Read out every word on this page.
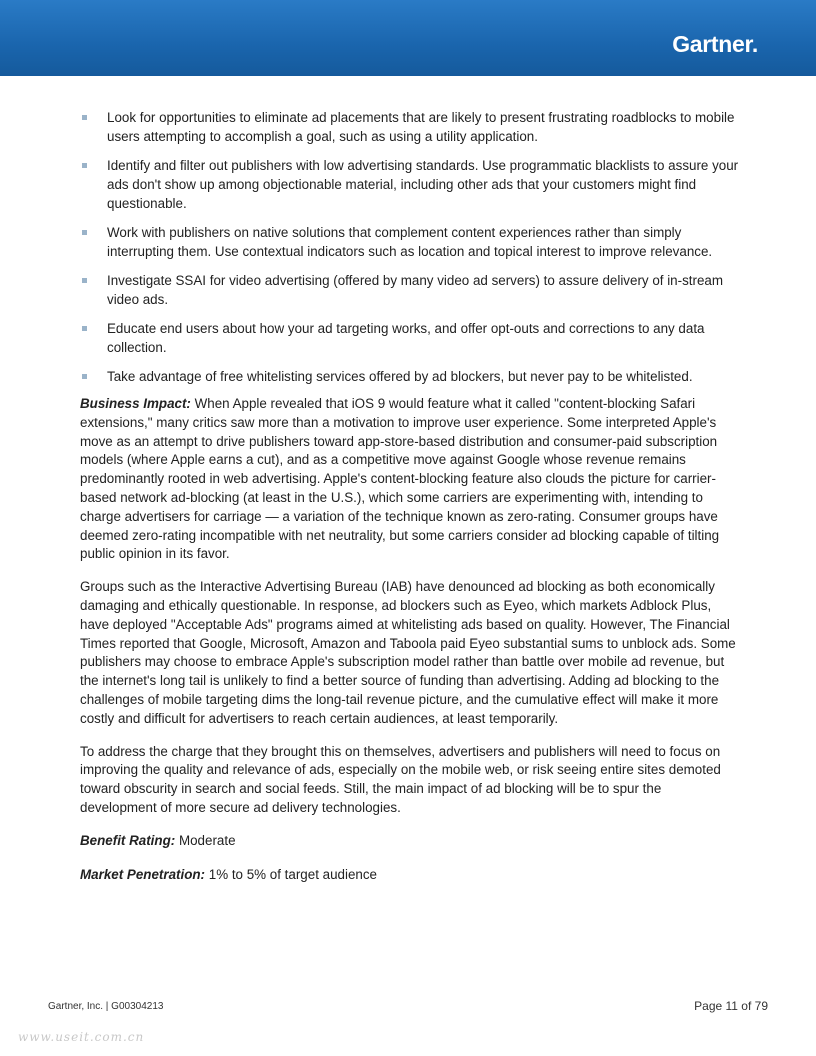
Gartner.
Look for opportunities to eliminate ad placements that are likely to present frustrating roadblocks to mobile users attempting to accomplish a goal, such as using a utility application.
Identify and filter out publishers with low advertising standards. Use programmatic blacklists to assure your ads don't show up among objectionable material, including other ads that your customers might find questionable.
Work with publishers on native solutions that complement content experiences rather than simply interrupting them. Use contextual indicators such as location and topical interest to improve relevance.
Investigate SSAI for video advertising (offered by many video ad servers) to assure delivery of in-stream video ads.
Educate end users about how your ad targeting works, and offer opt-outs and corrections to any data collection.
Take advantage of free whitelisting services offered by ad blockers, but never pay to be whitelisted.

Business Impact: When Apple revealed that iOS 9 would feature what it called "content-blocking Safari extensions," many critics saw more than a motivation to improve user experience. Some interpreted Apple's move as an attempt to drive publishers toward app-store-based distribution and consumer-paid subscription models (where Apple earns a cut), and as a competitive move against Google whose revenue remains predominantly rooted in web advertising. Apple's content-blocking feature also clouds the picture for carrier-based network ad-blocking (at least in the U.S.), which some carriers are experimenting with, intending to charge advertisers for carriage — a variation of the technique known as zero-rating. Consumer groups have deemed zero-rating incompatible with net neutrality, but some carriers consider ad blocking capable of tilting public opinion in its favor.

Groups such as the Interactive Advertising Bureau (IAB) have denounced ad blocking as both economically damaging and ethically questionable. In response, ad blockers such as Eyeo, which markets Adblock Plus, have deployed "Acceptable Ads" programs aimed at whitelisting ads based on quality. However, The Financial Times reported that Google, Microsoft, Amazon and Taboola paid Eyeo substantial sums to unblock ads. Some publishers may choose to embrace Apple's subscription model rather than battle over mobile ad revenue, but the internet's long tail is unlikely to find a better source of funding than advertising. Adding ad blocking to the challenges of mobile targeting dims the long-tail revenue picture, and the cumulative effect will make it more costly and difficult for advertisers to reach certain audiences, at least temporarily.

To address the charge that they brought this on themselves, advertisers and publishers will need to focus on improving the quality and relevance of ads, especially on the mobile web, or risk seeing entire sites demoted toward obscurity in search and social feeds. Still, the main impact of ad blocking will be to spur the development of more secure ad delivery technologies.

Benefit Rating: Moderate

Market Penetration: 1% to 5% of target audience

Gartner, Inc. | G00304213	Page 11 of 79
www.useit.com.cn
